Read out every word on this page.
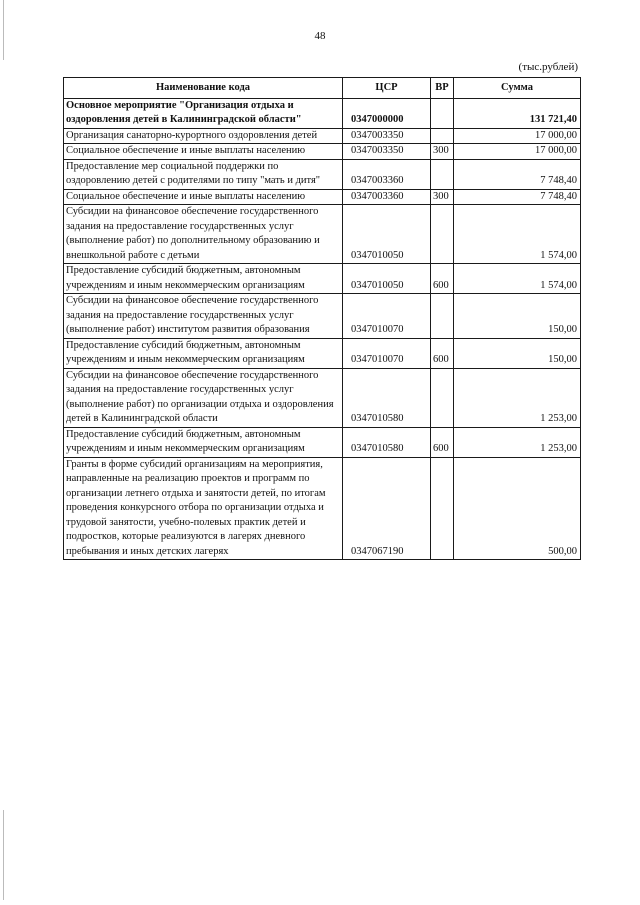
48
(тыс.рублей)
Наименование кода	ЦСР	ВР	Сумма
Основное мероприятие "Организация отдыха и оздоровления детей в Калининградской области"	0347000000		131 721,40
Организация санаторно-курортного оздоровления детей	0347003350		17 000,00
Социальное обеспечение и иные выплаты населению	0347003350	300	17 000,00
Предоставление мер социальной поддержки по оздоровлению детей с родителями по типу "мать и дитя"	0347003360		7 748,40
Социальное обеспечение и иные выплаты населению	0347003360	300	7 748,40
Субсидии на финансовое обеспечение государственного задания на предоставление государственных услуг (выполнение работ) по дополнительному образованию и внешкольной работе с детьми	0347010050		1 574,00
Предоставление субсидий бюджетным, автономным учреждениям и иным некоммерческим организациям	0347010050	600	1 574,00
Субсидии на финансовое обеспечение государственного задания на предоставление государственных услуг (выполнение работ) институтом развития образования	0347010070		150,00
Предоставление субсидий бюджетным, автономным учреждениям и иным некоммерческим организациям	0347010070	600	150,00
Субсидии на финансовое обеспечение государственного задания на предоставление государственных услуг (выполнение работ) по организации отдыха и оздоровления детей в Калининградской области	0347010580		1 253,00
Предоставление субсидий бюджетным, автономным учреждениям и иным некоммерческим организациям	0347010580	600	1 253,00
Гранты в форме субсидий организациям на мероприятия, направленные на реализацию проектов и программ по организации летнего отдыха и занятости детей, по итогам проведения конкурсного отбора по организации отдыха и трудовой занятости, учебно-полевых практик детей и подростков, которые реализуются в лагерях дневного пребывания и иных детских лагерях	0347067190		500,00
